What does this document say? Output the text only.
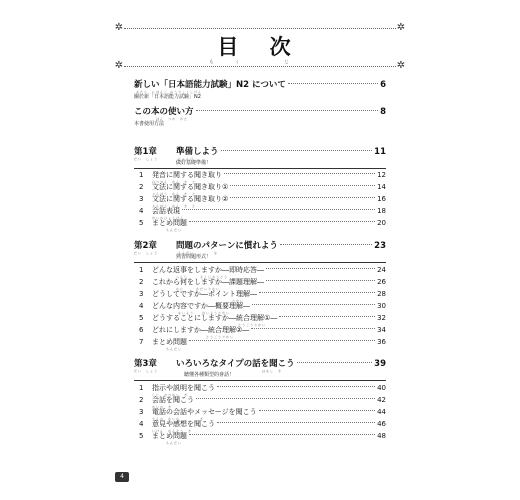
✲	✲
✲	✲
目 次
もく じ
新しい「日本語能力試験」N2 について	6
あたら　にほんご のうりょくしけん
關於新「日本語能力試驗」N2
この本の使い方	8
ほん　つか　かた
本書使用方法
準備しよう	11
第1章
だい　しょう	じゅんび
做好基礎準備！
1 発音に関する聞き取り	12
はつおん　かん　き　と
2 文法に関する聞き取り①	14
ぶんぽう　かん　き　と
3 文法に関する聞き取り②	16
ぶんぽう　かん　き　と
4 会話表現	18
かいわひょうげん
5 まとめ問題	20
もんだい
問題のパターンに慣れよう	23
第2章
だい　しょう	もんだい　　　　　な
熟習問題形式！
1 どんな返事をしますか―即時応答―	24
へんじ　　　そくじおうとう
2 これから何をしますか―課題理解―	26
なに　　　かだいりかい
3 どうしてですか―ポイント理解―	28
りかい
4 どんな内容ですか―概要理解―	30
ないよう　　がいようりかい
5 どうすることにしますか―統合理解①―	32
とうごうりかい
6 どれにしますか―統合理解②―	34
とうごうりかい
7 まとめ問題	36
もんだい
いろいろなタイプの話を聞こう	39
第3章
だい　しょう	はなし　き
聽懂各種類型的會話！
1 指示や説明を聞こう	40
しじ　せつめい　き
2 会話を聞こう	42
かいわ　き
3 電話の会話やメッセージを聞こう	44
でんわ　かいわ　　　　　き
4 意見や感想を聞こう	46
いけん　かんそう　き
5 まとめ問題	48
もんだい
4
